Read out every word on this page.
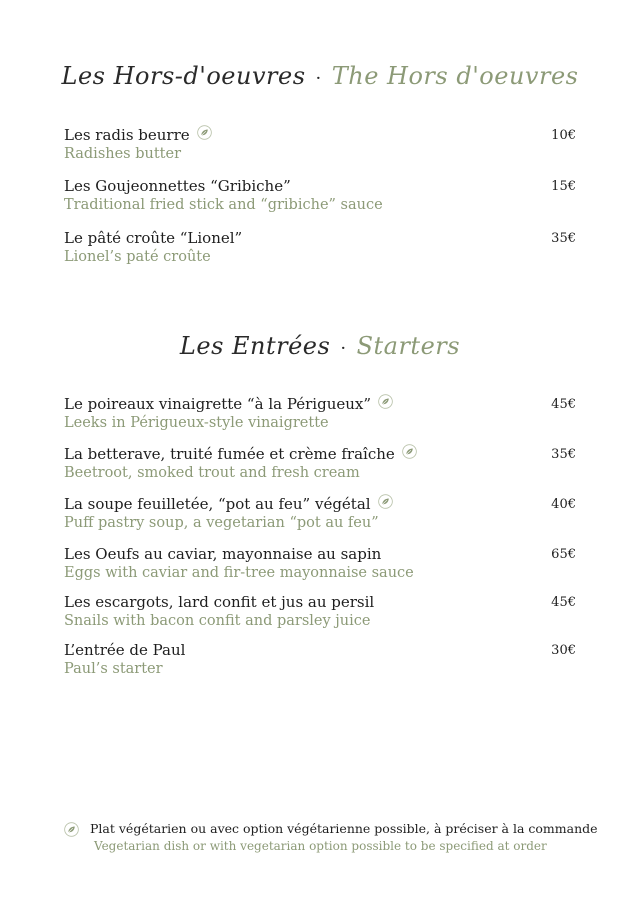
Les Hors-d'oeuvres · The Hors d'oeuvres
Les radis beurre
Radishes butter
10€
Les Goujeonnettes “Gribiche”
Traditional fried stick and “gribiche” sauce
15€
Le pâté croûte “Lionel”
Lionel’s paté croûte
35€
Les Entrées · Starters
Le poireaux vinaigrette “à la Périgueux”
Leeks in Périgueux-style vinaigrette
45€
La betterave, truité fumée et crème fraîche
Beetroot, smoked trout and fresh cream
35€
La soupe feuilletée, “pot au feu” végétal
Puff pastry soup, a vegetarian “pot au feu”
40€
Les Oeufs au caviar, mayonnaise au sapin
Eggs with caviar and fir-tree mayonnaise sauce
65€
Les escargots, lard confit et jus au persil
Snails with bacon confit and parsley juice
45€
L’entrée de Paul
Paul’s starter
30€
Plat végétarien ou avec option végétarienne possible, à préciser à la commande
Vegetarian dish or with vegetarian option possible to be specified at order
